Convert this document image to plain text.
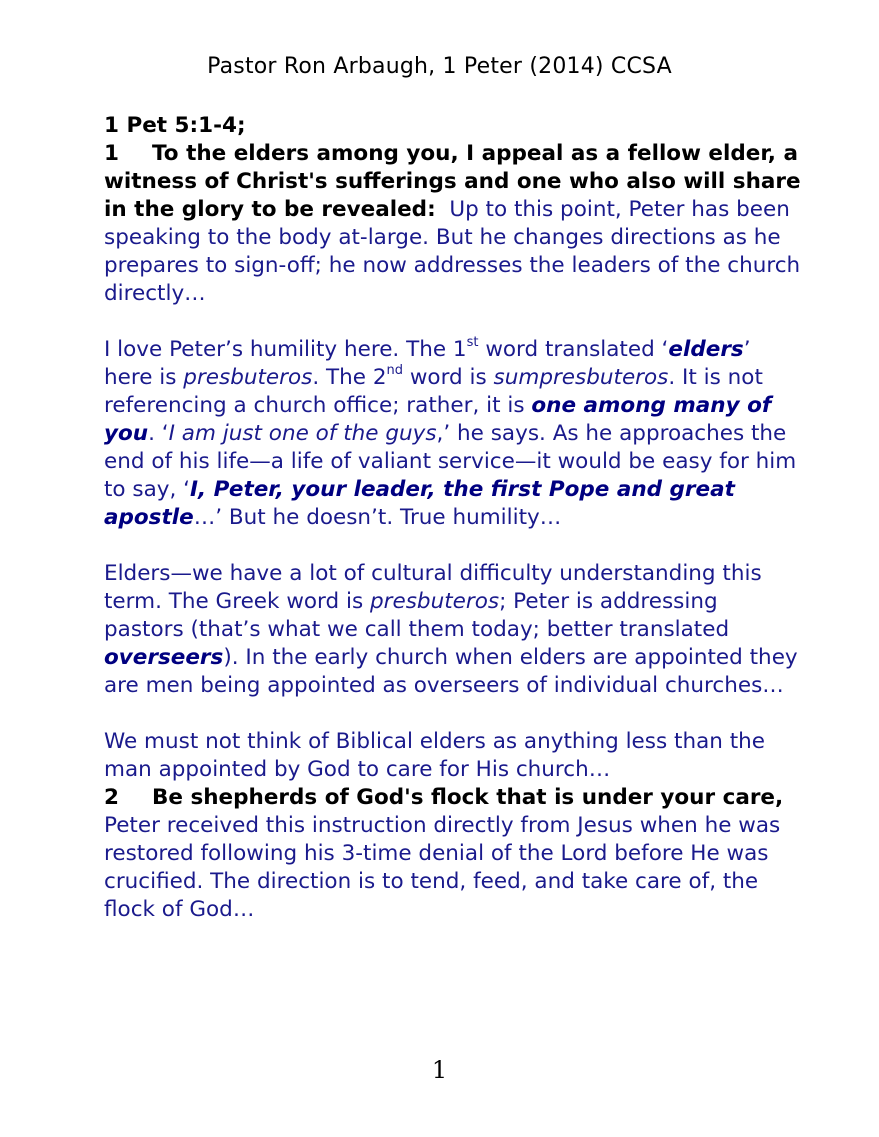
Pastor Ron Arbaugh, 1 Peter (2014) CCSA

1 Pet 5:1-4;

1 To the elders among you, I appeal as a fellow elder, a witness of Christ's sufferings and one who also will share in the glory to be revealed: Up to this point, Peter has been speaking to the body at-large. But he changes directions as he prepares to sign-off; he now addresses the leaders of the church directly…

I love Peter’s humility here. The 1st word translated ‘elders’ here is presbuteros. The 2nd word is sumpresbuteros. It is not referencing a church office; rather, it is one among many of you. ‘I am just one of the guys,’ he says. As he approaches the end of his life—a life of valiant service—it would be easy for him to say, ‘I, Peter, your leader, the first Pope and great apostle…’ But he doesn’t. True humility…

Elders—we have a lot of cultural difficulty understanding this term. The Greek word is presbuteros; Peter is addressing pastors (that’s what we call them today; better translated overseers). In the early church when elders are appointed they are men being appointed as overseers of individual churches…

We must not think of Biblical elders as anything less than the man appointed by God to care for His church…

2 Be shepherds of God's flock that is under your care, Peter received this instruction directly from Jesus when he was restored following his 3-time denial of the Lord before He was crucified. The direction is to tend, feed, and take care of, the flock of God…

1
